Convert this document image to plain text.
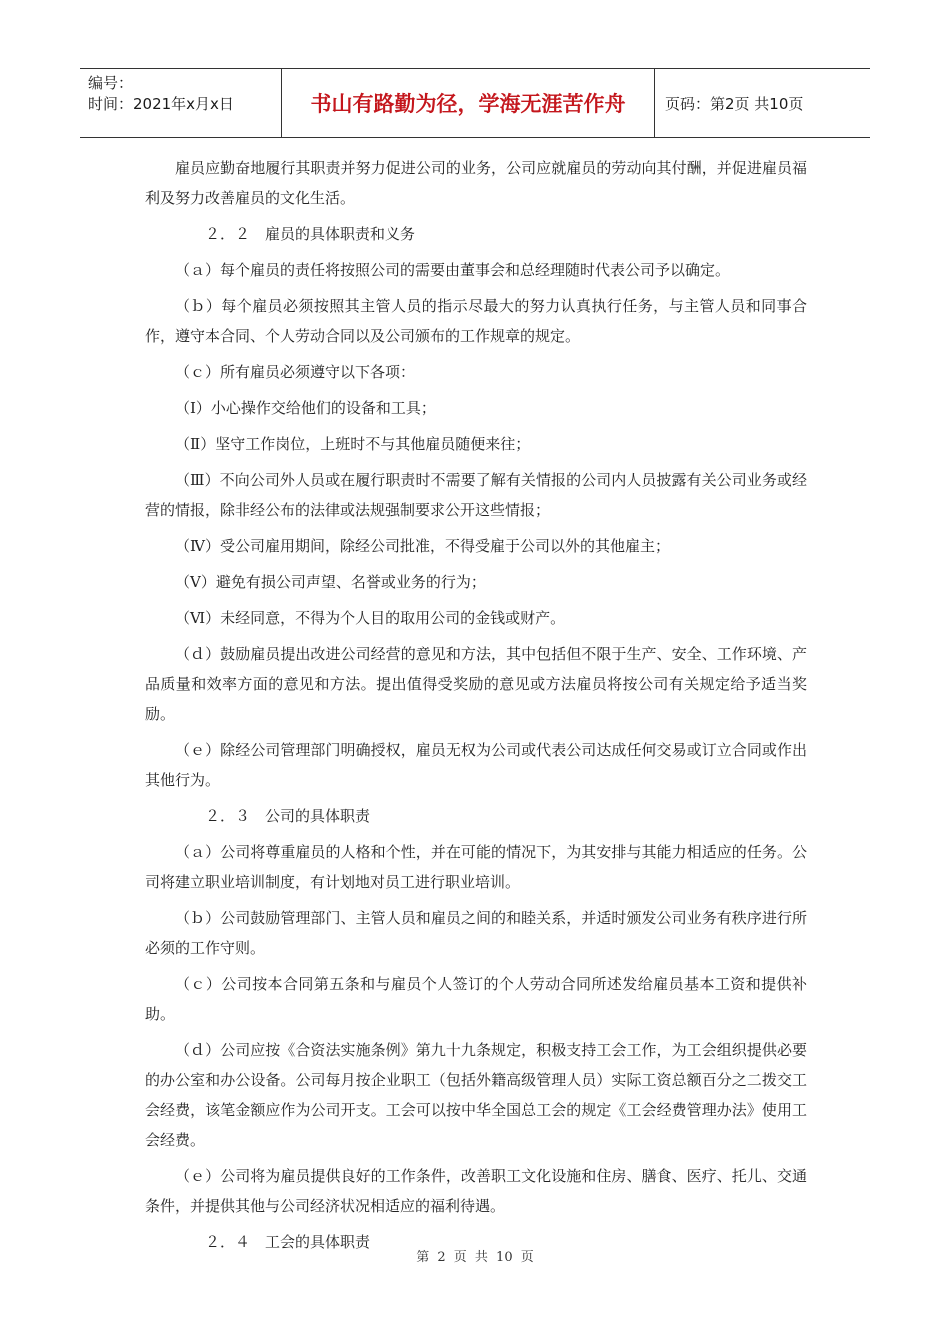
编号：
时间：2021年x月x日	书山有路勤为径，学海无涯苦作舟	页码：第2页 共10页

雇员应勤奋地履行其职责并努力促进公司的业务，公司应就雇员的劳动向其付酬，并促进雇员福利及努力改善雇员的文化生活。

２．２　雇员的具体职责和义务

（ａ）每个雇员的责任将按照公司的需要由董事会和总经理随时代表公司予以确定。

（ｂ）每个雇员必须按照其主管人员的指示尽最大的努力认真执行任务，与主管人员和同事合作，遵守本合同、个人劳动合同以及公司颁布的工作规章的规定。

（ｃ）所有雇员必须遵守以下各项：

（Ⅰ）小心操作交给他们的设备和工具；

（Ⅱ）坚守工作岗位，上班时不与其他雇员随便来往；

（Ⅲ）不向公司外人员或在履行职责时不需要了解有关情报的公司内人员披露有关公司业务或经营的情报，除非经公布的法律或法规强制要求公开这些情报；

（Ⅳ）受公司雇用期间，除经公司批准，不得受雇于公司以外的其他雇主；

（Ⅴ）避免有损公司声望、名誉或业务的行为；

（Ⅵ）未经同意，不得为个人目的取用公司的金钱或财产。

（ｄ）鼓励雇员提出改进公司经营的意见和方法，其中包括但不限于生产、安全、工作环境、产品质量和效率方面的意见和方法。提出值得受奖励的意见或方法雇员将按公司有关规定给予适当奖励。

（ｅ）除经公司管理部门明确授权，雇员无权为公司或代表公司达成任何交易或订立合同或作出其他行为。

２．３　公司的具体职责

（ａ）公司将尊重雇员的人格和个性，并在可能的情况下，为其安排与其能力相适应的任务。公司将建立职业培训制度，有计划地对员工进行职业培训。

（ｂ）公司鼓励管理部门、主管人员和雇员之间的和睦关系，并适时颁发公司业务有秩序进行所必须的工作守则。

（ｃ）公司按本合同第五条和与雇员个人签订的个人劳动合同所述发给雇员基本工资和提供补助。

（ｄ）公司应按《合资法实施条例》第九十九条规定，积极支持工会工作，为工会组织提供必要的办公室和办公设备。公司每月按企业职工（包括外籍高级管理人员）实际工资总额百分之二拨交工会经费，该笔金额应作为公司开支。工会可以按中华全国总工会的规定《工会经费管理办法》使用工会经费。

（ｅ）公司将为雇员提供良好的工作条件，改善职工文化设施和住房、膳食、医疗、托儿、交通条件，并提供其他与公司经济状况相适应的福利待遇。

２．４　工会的具体职责

第 2 页 共 10 页
